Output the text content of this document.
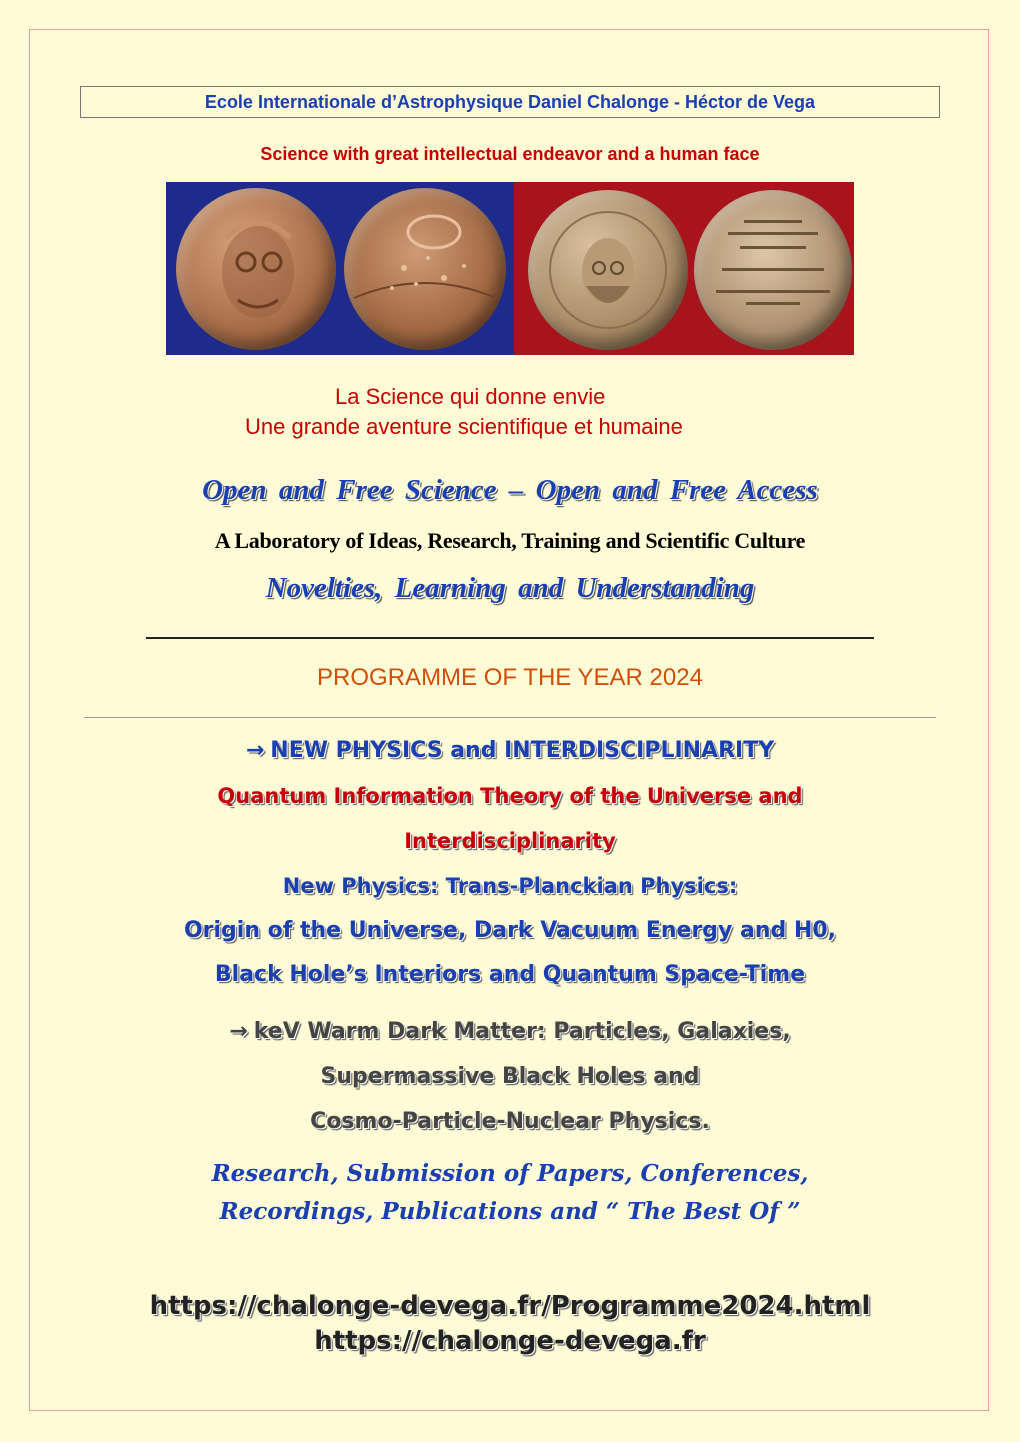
Ecole Internationale d’Astrophysique Daniel Chalonge - Héctor de Vega
Science with great intellectual endeavor and a human face
La Science qui donne envie
Une grande aventure scientifique et humaine
Open and Free Science – Open and Free Access
A Laboratory of Ideas, Research, Training and Scientific Culture
Novelties, Learning and Understanding
PROGRAMME OF THE YEAR 2024
→ NEW PHYSICS and INTERDISCIPLINARITY
Quantum Information Theory of the Universe and
Interdisciplinarity
New Physics: Trans-Planckian Physics:
Origin of the Universe, Dark Vacuum Energy and H0,
Black Hole’s Interiors and Quantum Space-Time
→ keV Warm Dark Matter: Particles, Galaxies,
Supermassive Black Holes and
Cosmo-Particle-Nuclear Physics.
Research, Submission of Papers, Conferences,
Recordings, Publications and “ The Best Of ”
https://chalonge-devega.fr/Programme2024.html
https://chalonge-devega.fr
